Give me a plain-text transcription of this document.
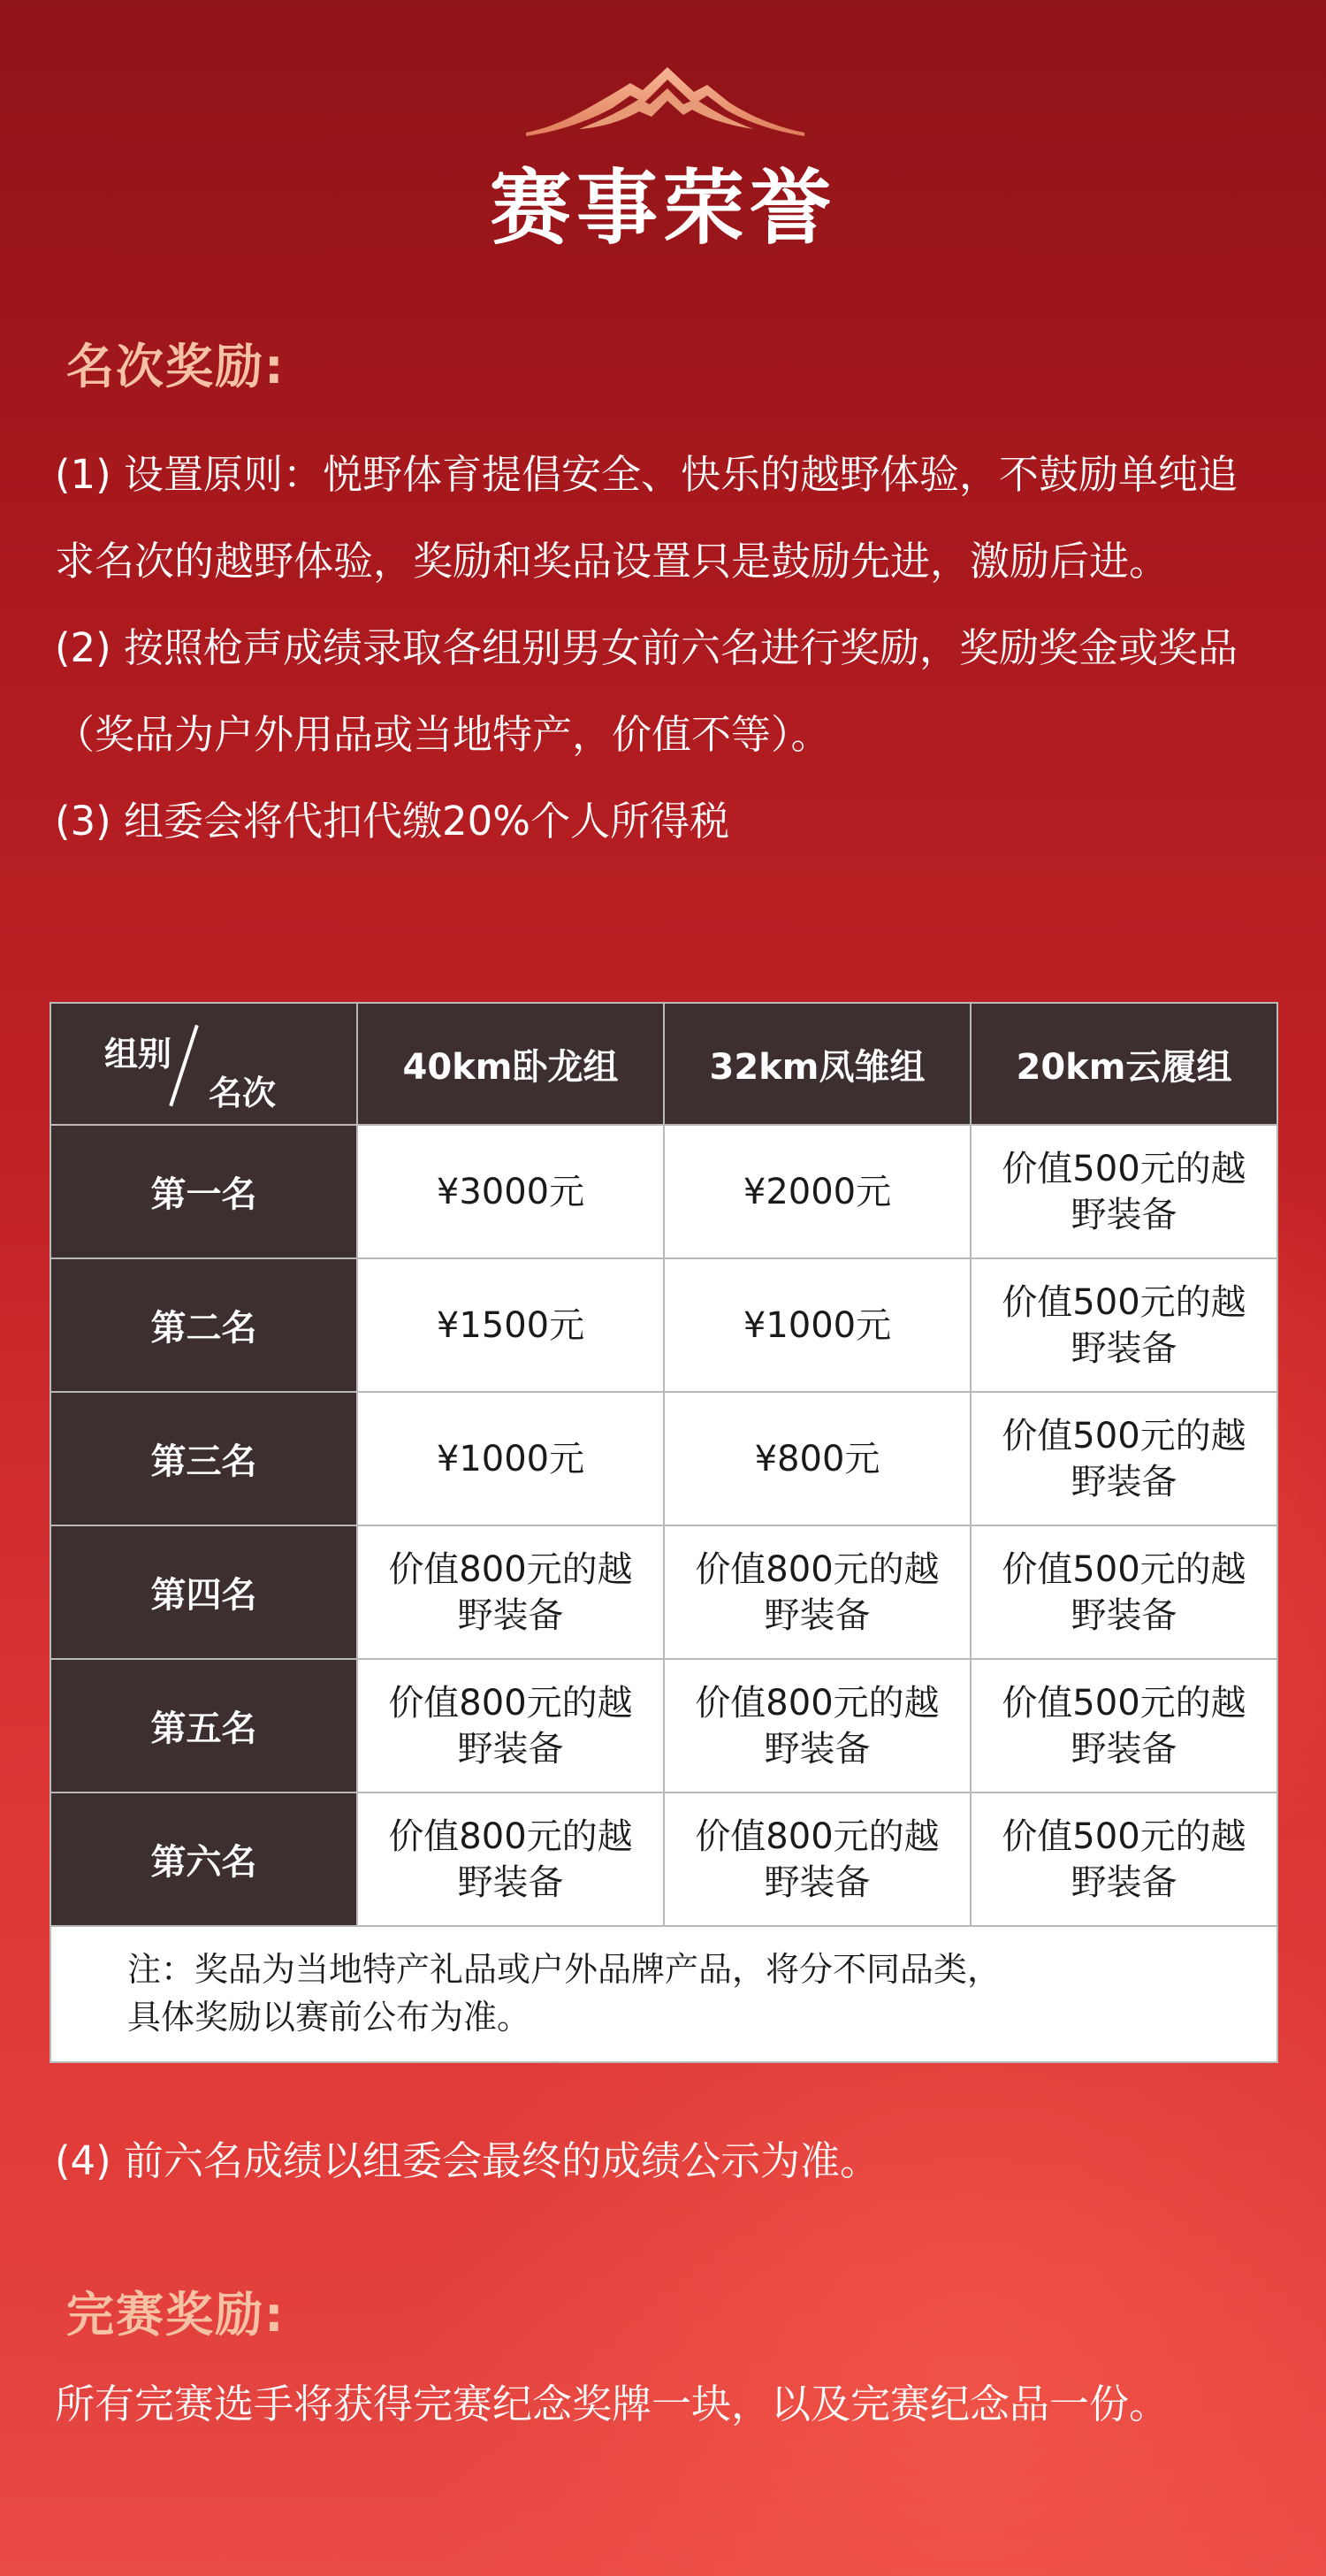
赛事荣誉
名次奖励:

(1) 设置原则：悦野体育提倡安全、快乐的越野体验，不鼓励单纯追求名次的越野体验，奖励和奖品设置只是鼓励先进，激励后进。

(2) 按照枪声成绩录取各组别男女前六名进行奖励，奖励奖金或奖品（奖品为户外用品或当地特产，价值不等）。

(3) 组委会将代扣代缴20%个人所得税

组别
名次	40km卧龙组	32km凤雏组	20km云履组
第一名	¥3000元	¥2000元	价值500元的越野装备
第二名	¥1500元	¥1000元	价值500元的越野装备
第三名	¥1000元	¥800元	价值500元的越野装备
第四名	价值800元的越野装备	价值800元的越野装备	价值500元的越野装备
第五名	价值800元的越野装备	价值800元的越野装备	价值500元的越野装备
第六名	价值800元的越野装备	价值800元的越野装备	价值500元的越野装备

注：奖品为当地特产礼品或户外品牌产品，将分不同品类，
具体奖励以赛前公布为准。			

(4) 前六名成绩以组委会最终的成绩公示为准。

完赛奖励:

所有完赛选手将获得完赛纪念奖牌一块，以及完赛纪念品一份。
